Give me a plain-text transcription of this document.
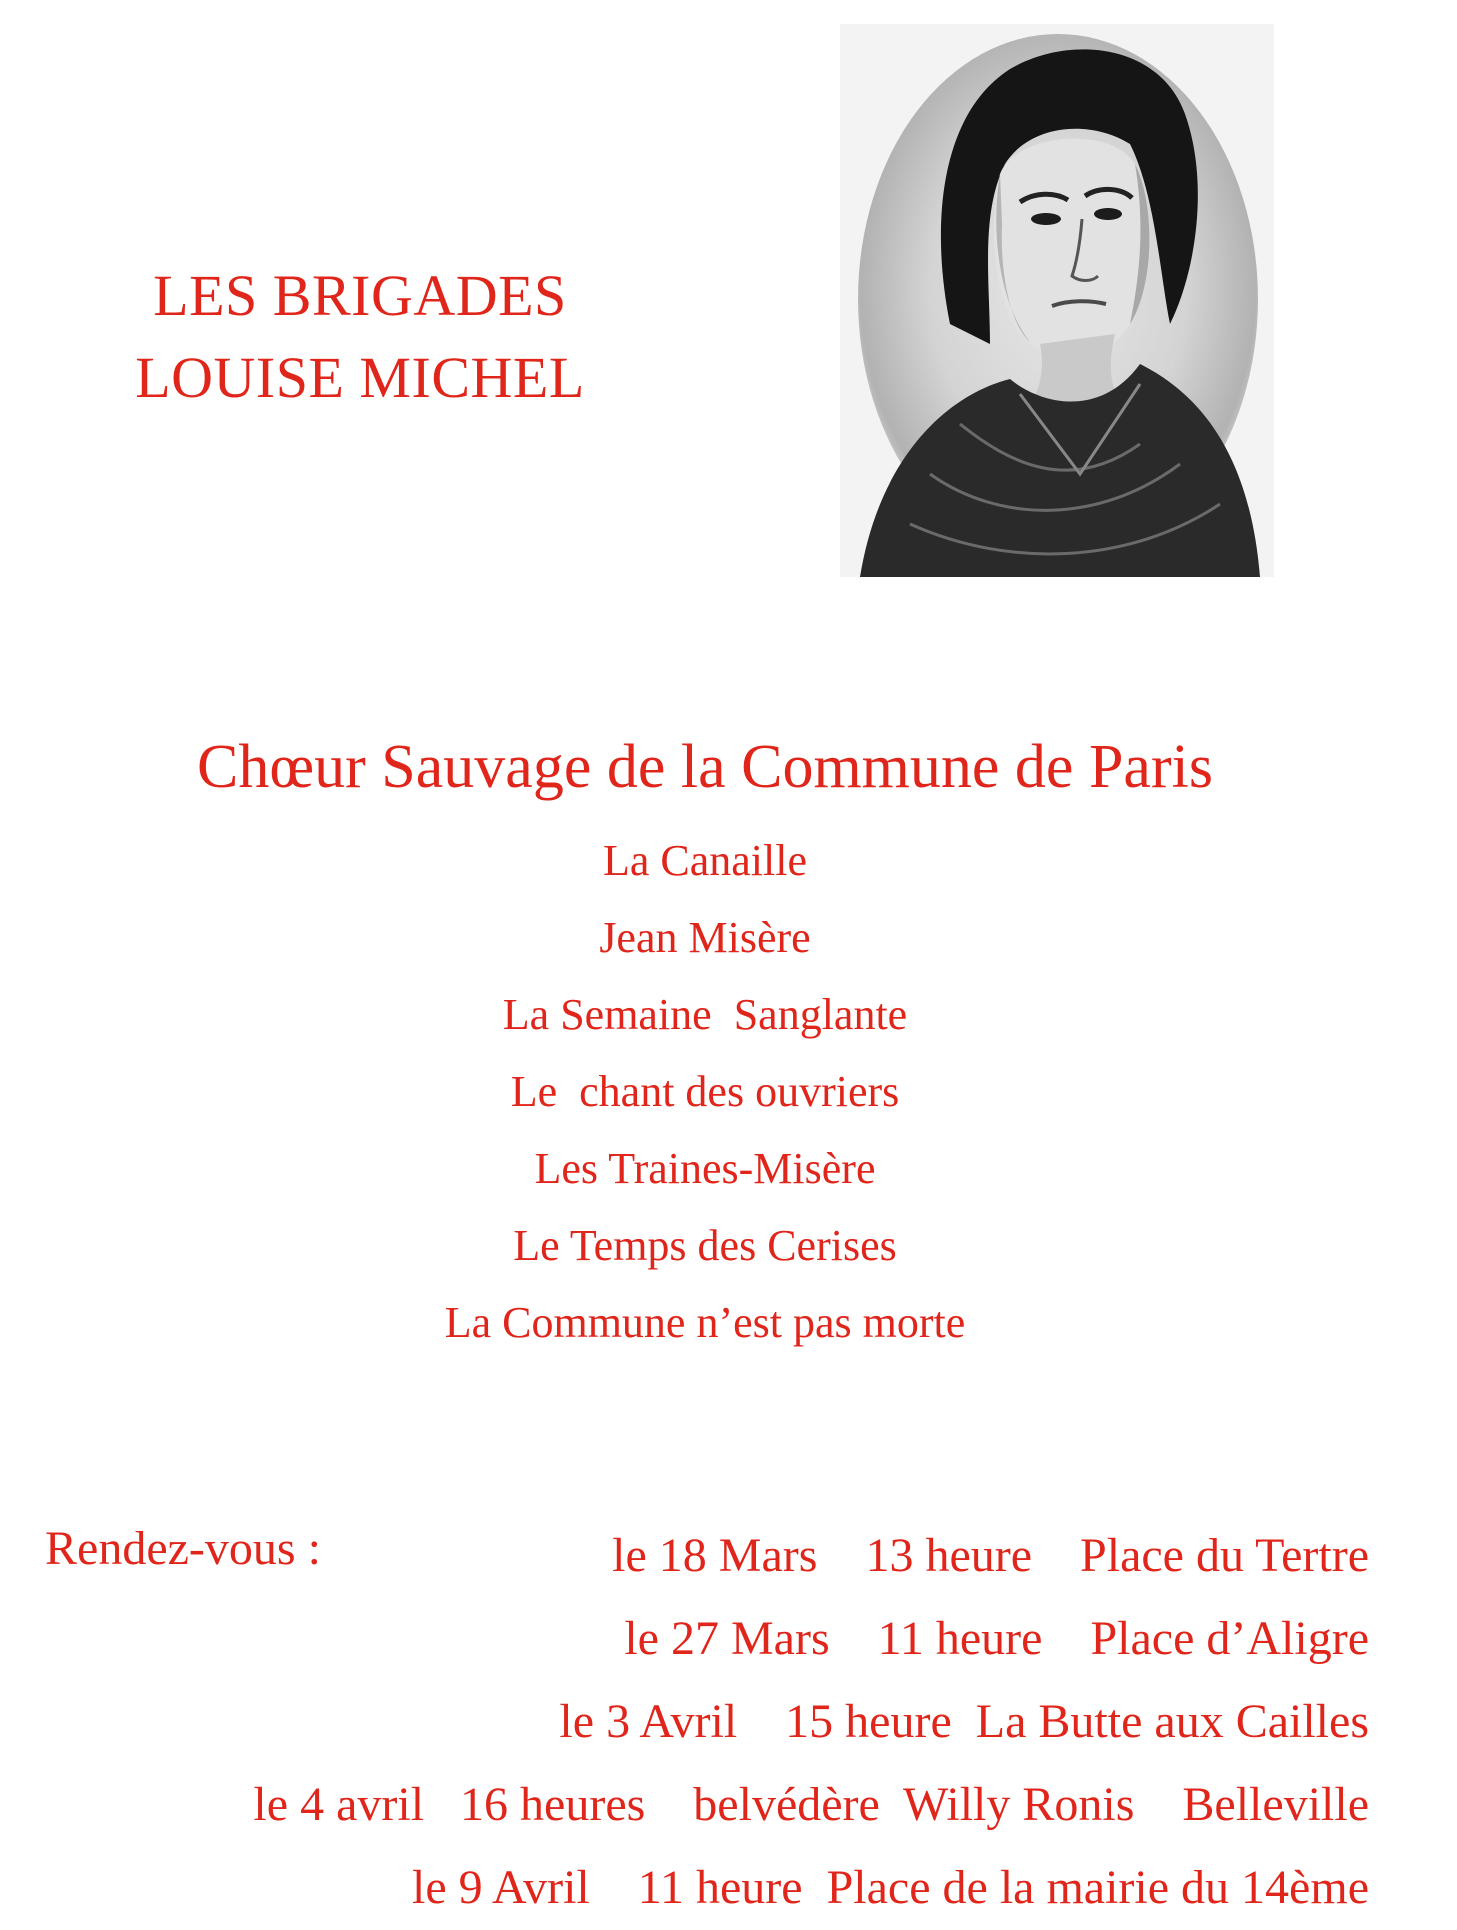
LES BRIGADES
LOUISE MICHEL
Chœur Sauvage de la Commune de Paris
La Canaille
Jean Misère
La Semaine  Sanglante
Le  chant des ouvriers
Les Traines-Misère
Le Temps des Cerises
La Commune n’est pas morte
Rendez-vous :	le 18 Mars    13 heure    Place du Tertre
le 27 Mars    11 heure    Place d’Aligre
le 3 Avril    15 heure  La Butte aux Cailles
le 4 avril   16 heures    belvédère  Willy Ronis    Belleville
le 9 Avril    11 heure  Place de la mairie du 14ème
